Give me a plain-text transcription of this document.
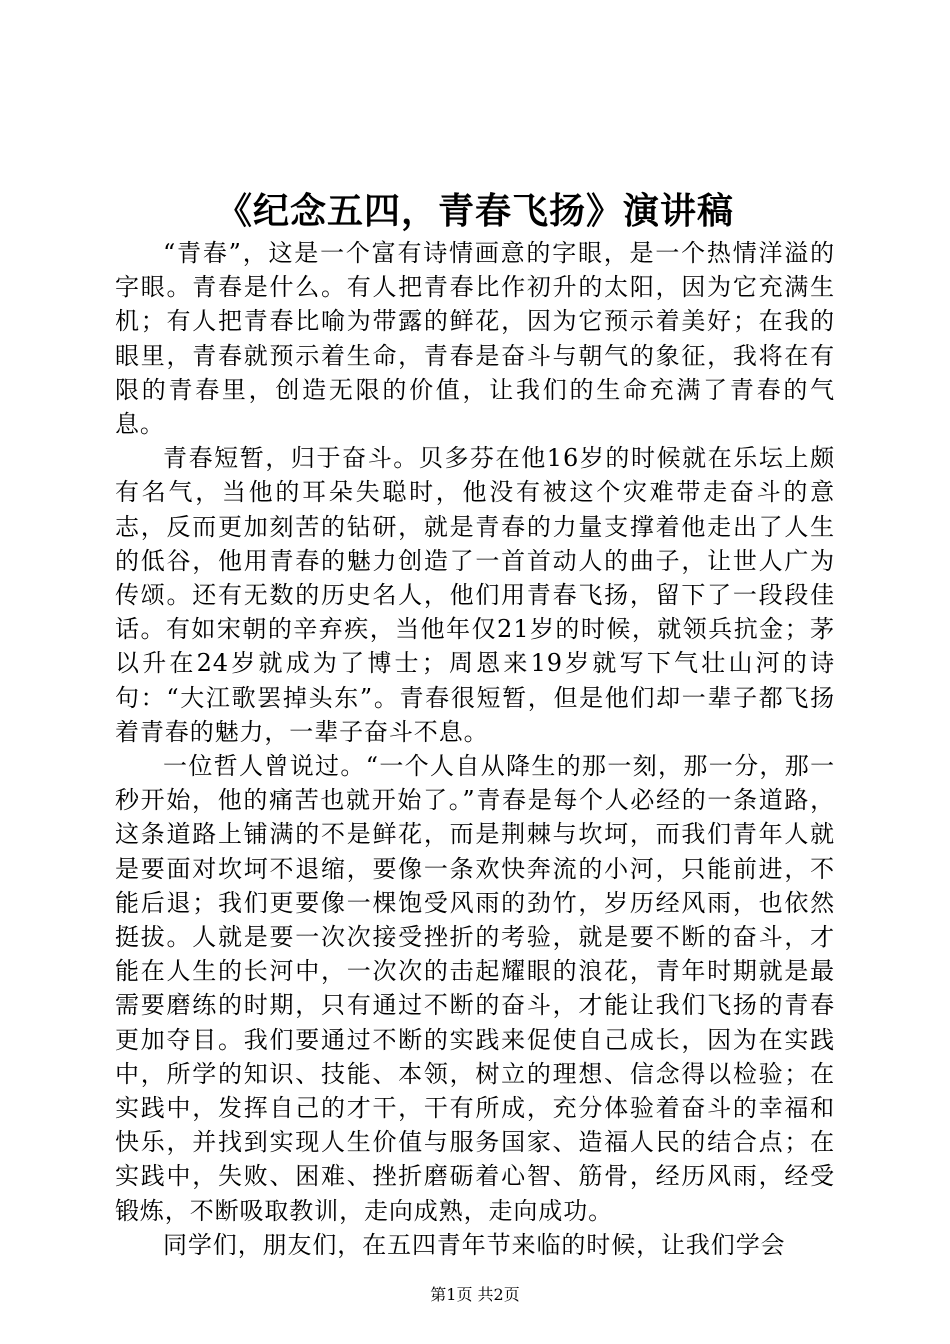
《纪念五四，青春飞扬》演讲稿

“青春”，这是一个富有诗情画意的字眼，是一个热情洋溢的字眼。青春是什么。有人把青春比作初升的太阳，因为它充满生机；有人把青春比喻为带露的鲜花，因为它预示着美好；在我的眼里，青春就预示着生命，青春是奋斗与朝气的象征，我将在有限的青春里，创造无限的价值，让我们的生命充满了青春的气息。

青春短暂，归于奋斗。贝多芬在他16岁的时候就在乐坛上颇有名气，当他的耳朵失聪时，他没有被这个灾难带走奋斗的意志，反而更加刻苦的钻研，就是青春的力量支撑着他走出了人生的低谷，他用青春的魅力创造了一首首动人的曲子，让世人广为传颂。还有无数的历史名人，他们用青春飞扬，留下了一段段佳话。有如宋朝的辛弃疾，当他年仅21岁的时候，就领兵抗金；茅以升在24岁就成为了博士；周恩来19岁就写下气壮山河的诗句：“大江歌罢掉头东”。青春很短暂，但是他们却一辈子都飞扬着青春的魅力，一辈子奋斗不息。

一位哲人曾说过。“一个人自从降生的那一刻，那一分，那一秒开始，他的痛苦也就开始了。”青春是每个人必经的一条道路，这条道路上铺满的不是鲜花，而是荆棘与坎坷，而我们青年人就是要面对坎坷不退缩，要像一条欢快奔流的小河，只能前进，不能后退；我们更要像一棵饱受风雨的劲竹，岁历经风雨，也依然挺拔。人就是要一次次接受挫折的考验，就是要不断的奋斗，才能在人生的长河中，一次次的击起耀眼的浪花，青年时期就是最需要磨练的时期，只有通过不断的奋斗，才能让我们飞扬的青春更加夺目。我们要通过不断的实践来促使自己成长，因为在实践中，所学的知识、技能、本领，树立的理想、信念得以检验；在实践中，发挥自己的才干，干有所成，充分体验着奋斗的幸福和快乐，并找到实现人生价值与服务国家、造福人民的结合点；在实践中，失败、困难、挫折磨砺着心智、筋骨，经历风雨，经受锻炼，不断吸取教训，走向成熟，走向成功。

同学们，朋友们，在五四青年节来临的时候，让我们学会

第1页 共2页
